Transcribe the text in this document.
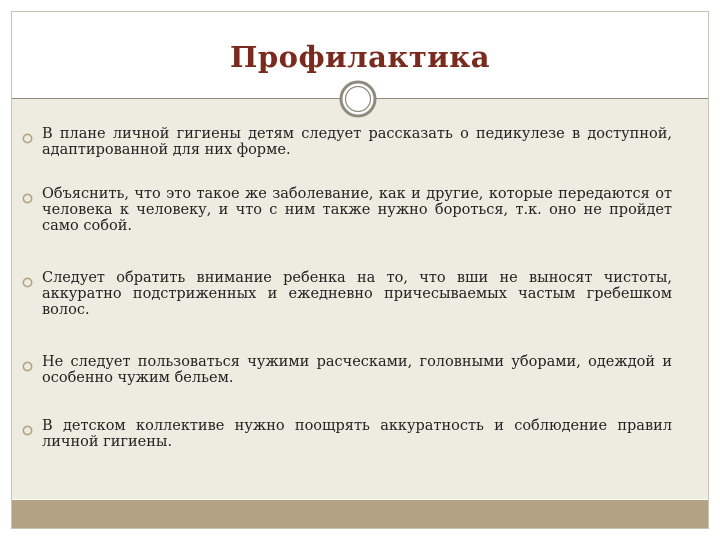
Профилактика
В плане личной гигиены детям следует рассказать о педикулезе в доступной, адаптированной для них форме.
Объяснить, что это такое же заболевание, как и другие, которые передаются от человека к человеку, и что с ним также нужно бороться, т.к. оно не пройдет само собой.
Следует обратить внимание ребенка на то, что вши не выносят чистоты, аккуратно подстриженных и ежедневно причесываемых частым гребешком волос.
Не следует пользоваться чужими расческами, головными уборами, одеждой и особенно чужим бельем.
В детском коллективе нужно поощрять аккуратность и соблюдение правил личной гигиены.
